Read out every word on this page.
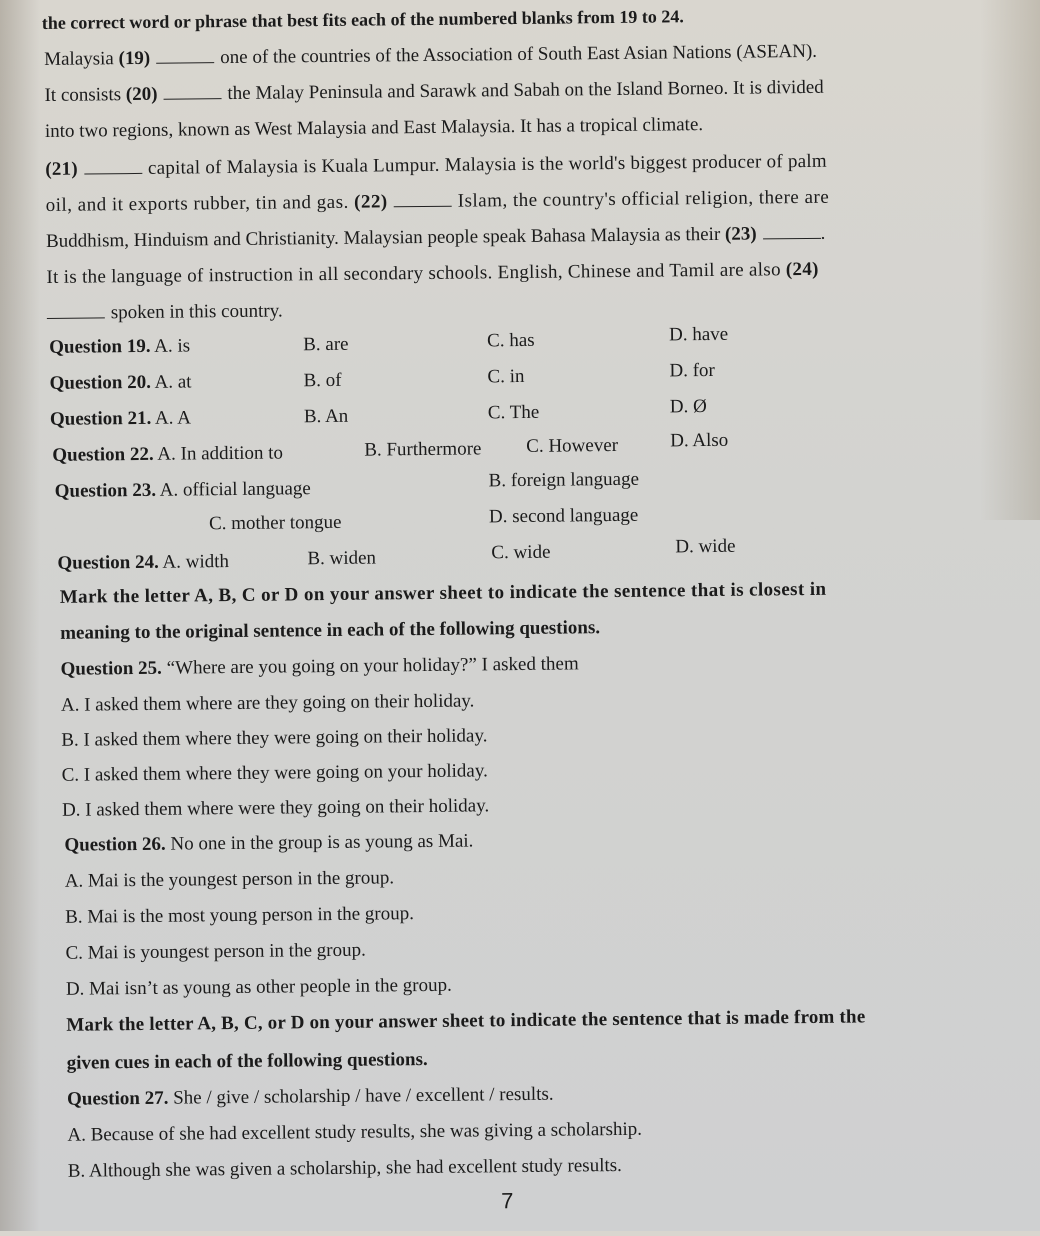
the correct word or phrase that best fits each of the numbered blanks from 19 to 24.
Malaysia (19)	one of the countries of the Association of South East Asian Nations (ASEAN).
It consists (20)	the Malay Peninsula and Sarawk and Sabah on the Island Borneo. It is divided
into two regions, known as West Malaysia and East Malaysia. It has a tropical climate.
(21)	capital of Malaysia is Kuala Lumpur. Malaysia is the world's biggest producer of palm
oil, and it exports rubber, tin and gas. (22)	Islam, the country's official religion, there are
Buddhism, Hinduism and Christianity. Malaysian people speak Bahasa Malaysia as their (23)	.
It is the language of instruction in all secondary schools. English, Chinese and Tamil are also (24)
spoken in this country.
Question 19. A. is	B. are	C. has	D. have
Question 20. A. at	B. of	C. in	D. for
Question 21. A. A	B. An	C. The	D. Ø
Question 22. A. In addition to	B. Furthermore C. However	D. Also
Question 23. A. official language	B. foreign language
C. mother tongue	D. second language
Question 24. A. width	B. widen	C. wide	D. wide
Mark the letter A, B, C or D on your answer sheet to indicate the sentence that is closest in
meaning to the original sentence in each of the following questions.
Question 25. “Where are you going on your holiday?” I asked them
A. I asked them where are they going on their holiday.
B. I asked them where they were going on their holiday.
C. I asked them where they were going on your holiday.
D. I asked them where were they going on their holiday.
Question 26. No one in the group is as young as Mai.
A. Mai is the youngest person in the group.
B. Mai is the most young person in the group.
C. Mai is youngest person in the group.
D. Mai isn’t as young as other people in the group.
Mark the letter A, B, C, or D on your answer sheet to indicate the sentence that is made from the
given cues in each of the following questions.
Question 27. She / give / scholarship / have / excellent / results.
A. Because of she had excellent study results, she was giving a scholarship.
B. Although she was given a scholarship, she had excellent study results.
7
